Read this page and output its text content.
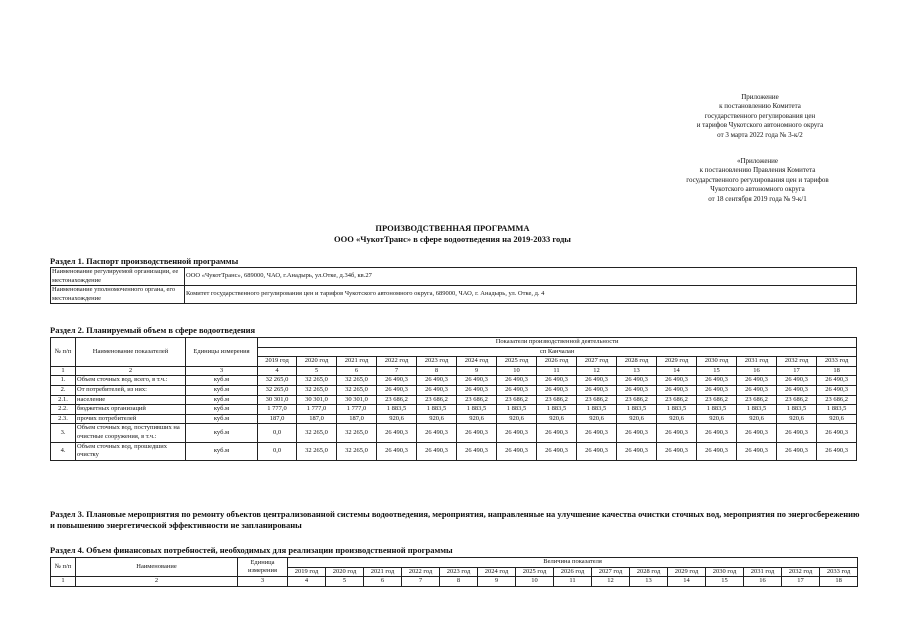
Приложение
к постановлению Комитета
государственного регулирования цен
и тарифов Чукотского автономного округа
от 3 марта 2022 года № 3-к/2
«Приложение
к постановлению Правления Комитета
государственного регулирования цен и тарифов
Чукотского автономного округа
от 18 сентября 2019 года № 9-к/1
ПРОИЗВОДСТВЕННАЯ ПРОГРАММА
ООО «ЧукотТранс» в сфере водоотведения на 2019-2033 годы
Раздел 1. Паспорт производственной программы
Наименование регулируемой организации, ее местонахождение	ООО «ЧукотТранс», 689000, ЧАО, г.Анадырь, ул.Отке, д.34б, кв.27
Наименование уполномоченного органа, его местонахождение	Комитет государственного регулирования цен и тарифов Чукотского автономного округа, 689000, ЧАО, г. Анадырь, ул. Отке, д. 4
Раздел 2. Планируемый объем в сфере водоотведения
№ п/п	Наименование показателей	Единицы измерения	Показатели производственной деятельности														
			сп Канчалан														
			2019 год	2020 год	2021 год	2022 год	2023 год	2024 год	2025 год	2026 год	2027 год	2028 год	2029 год	2030 год	2031 год	2032 год	2033 год
1	2	3	4	5	6	7	8	9	10	11	12	13	14	15	16	17	18
1.	Объем сточных вод, всего, в т.ч.:	куб.м	32 265,0	32 265,0	32 265,0	26 490,3	26 490,3	26 490,3	26 490,3	26 490,3	26 490,3	26 490,3	26 490,3	26 490,3	26 490,3	26 490,3	26 490,3
2.	От потребителей, из них:	куб.м	32 265,0	32 265,0	32 265,0	26 490,3	26 490,3	26 490,3	26 490,3	26 490,3	26 490,3	26 490,3	26 490,3	26 490,3	26 490,3	26 490,3	26 490,3
2.1.	население	куб.м	30 301,0	30 301,0	30 301,0	23 686,2	23 686,2	23 686,2	23 686,2	23 686,2	23 686,2	23 686,2	23 686,2	23 686,2	23 686,2	23 686,2	23 686,2
2.2.	бюджетных организаций	куб.м	1 777,0	1 777,0	1 777,0	1 883,5	1 883,5	1 883,5	1 883,5	1 883,5	1 883,5	1 883,5	1 883,5	1 883,5	1 883,5	1 883,5	1 883,5
2.3.	прочих потребителей	куб.м	187,0	187,0	187,0	920,6	920,6	920,6	920,6	920,6	920,6	920,6	920,6	920,6	920,6	920,6	920,6
3.	Объем сточных вод, поступивших на очистные сооружения, в т.ч.:	куб.м	0,0	32 265,0	32 265,0	26 490,3	26 490,3	26 490,3	26 490,3	26 490,3	26 490,3	26 490,3	26 490,3	26 490,3	26 490,3	26 490,3	26 490,3
4.	Объем сточных вод, прошедших очистку	куб.м	0,0	32 265,0	32 265,0	26 490,3	26 490,3	26 490,3	26 490,3	26 490,3	26 490,3	26 490,3	26 490,3	26 490,3	26 490,3	26 490,3	26 490,3
Раздел 3. Плановые мероприятия по ремонту объектов централизованной системы водоотведения, мероприятия, направленные на улучшение качества очистки сточных вод, мероприятия по энергосбережению и повышению энергетической эффективности не запланированы
Раздел 4. Объем финансовых потребностей, необходимых для реализации производственной программы
№ п/п	Наименование	Единица измерения	Величина показателя														
			2019 год	2020 год	2021 год	2022 год	2023 год	2024 год	2025 год	2026 год	2027 год	2028 год	2029 год	2030 год	2031 год	2032 год	2033 год
1	2	3	4	5	6	7	8	9	10	11	12	13	14	15	16	17	18
